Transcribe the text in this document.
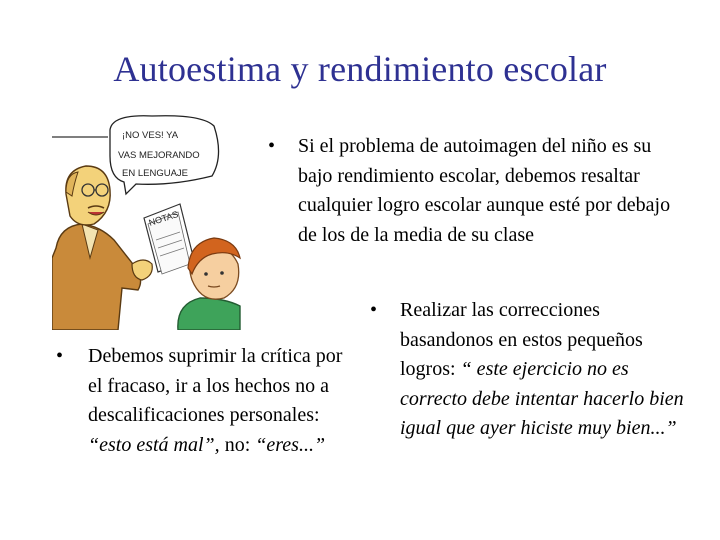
Autoestima y rendimiento escolar
¡NO VES! YA
VAS MEJORANDO
EN LENGUAJE
NOTAS
•	Si el problema de autoimagen del niño es su bajo rendimiento escolar, debemos resaltar cualquier logro escolar aunque esté por debajo de los de la media de su clase
•	Debemos suprimir la crítica por el fracaso, ir a los hechos no a descalificaciones personales: “esto está mal”, no: “eres...”
•	Realizar las correcciones basandonos en estos pequeños logros: “ este ejercicio no es correcto debe intentar hacerlo bien igual que ayer hiciste muy bien...”
